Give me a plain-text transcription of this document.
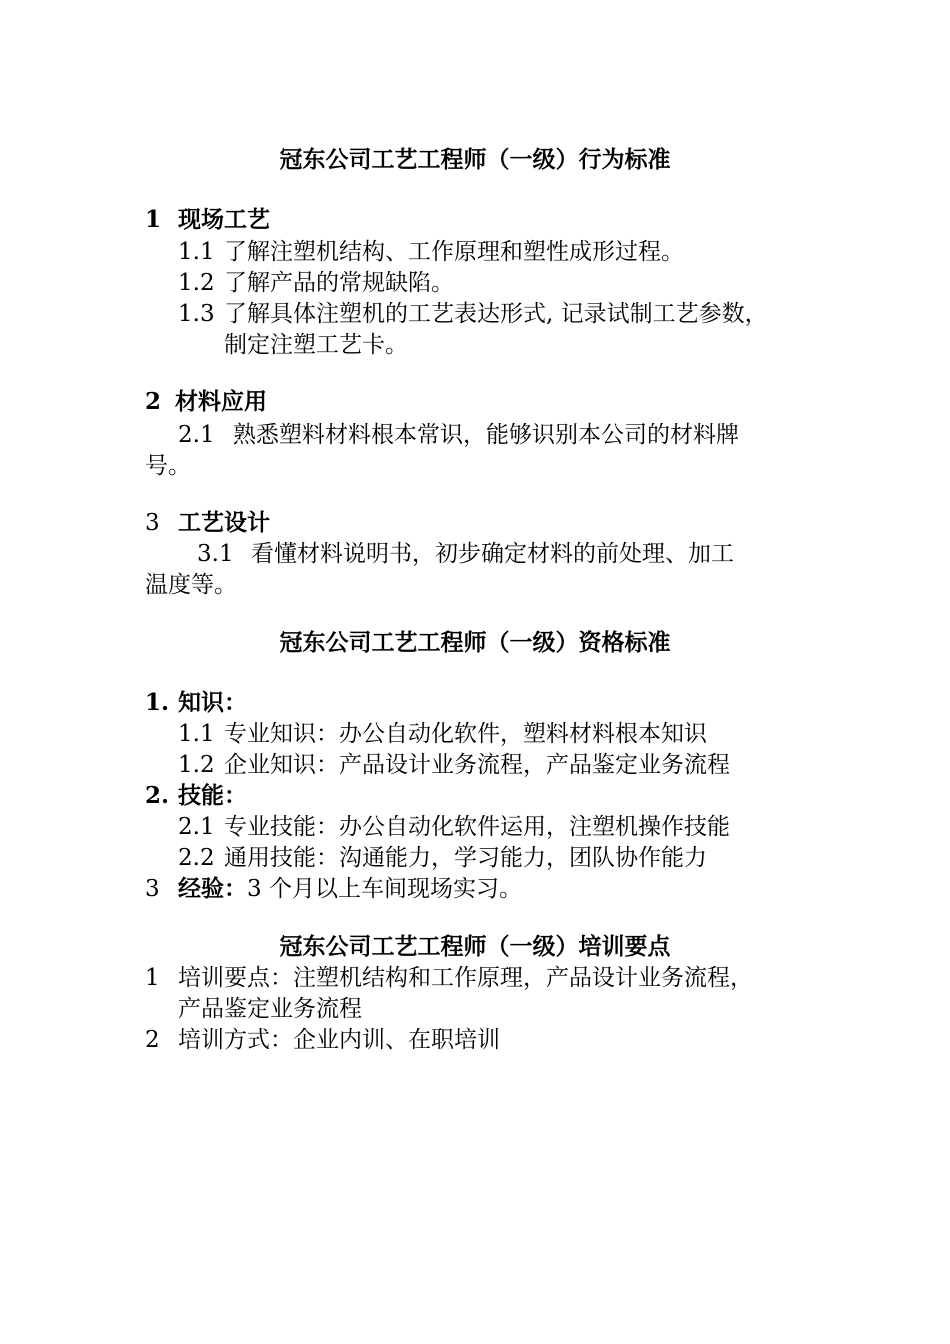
冠东公司工艺工程师（一级）行为标准
1 现场工艺
1.1 了解注塑机结构、工作原理和塑性成形过程。
1.2 了解产品的常规缺陷。
1.3 了解具体注塑机的工艺表达形式, 记录试制工艺参数，
制定注塑工艺卡。
2 材料应用
2.1 熟悉塑料材料根本常识，能够识别本公司的材料牌
号。
3 工艺设计
3.1 看懂材料说明书，初步确定材料的前处理、加工
温度等。
冠东公司工艺工程师（一级）资格标准
1. 知识：
1.1 专业知识：办公自动化软件，塑料材料根本知识
1.2 企业知识：产品设计业务流程，产品鉴定业务流程
2. 技能：
2.1 专业技能：办公自动化软件运用，注塑机操作技能
2.2 通用技能：沟通能力，学习能力，团队协作能力
3 经验：3 个月以上车间现场实习。
冠东公司工艺工程师（一级）培训要点
1 培训要点：注塑机结构和工作原理，产品设计业务流程，
产品鉴定业务流程
2 培训方式：企业内训、在职培训
